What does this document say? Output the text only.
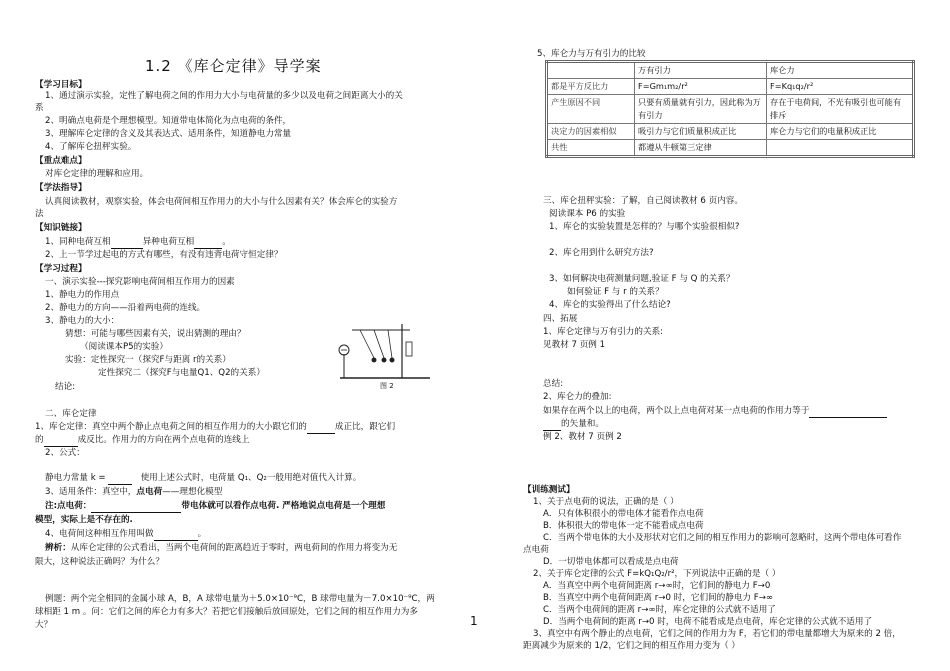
1.2 《库仑定律》导学案
【学习目标】
1、通过演示实验，定性了解电荷之间的作用力大小与电荷量的多少以及电荷之间距离大小的关
系
2、明确点电荷是个理想模型。知道带电体简化为点电荷的条件，
3、理解库仑定律的含义及其表达式、适用条件，知道静电力常量
4、了解库仑扭秤实验。
【重点难点】
对库仑定律的理解和应用。
【学法指导】
认真阅读教材，观察实验，体会电荷间相互作用力的大小与什么因素有关？体会库仑的实验方
法
【知识链接】
1、同种电荷互相	异种电荷互相	。
2、上一节学过起电的方式有哪些，有没有违背电荷守恒定律？
【学习过程】
一、演示实验---探究影响电荷间相互作用力的因素
1、静电力的作用点
2、静电力的方向——沿着两电荷的连线。
3、静电力的大小：
猜想：可能与哪些因素有关，说出猜测的理由？
（阅读课本P5的实验）
实验：定性探究一（探究F与距离 r的关系）
定性探究二（探究F与电量Q1、Q2的关系）
结论:	图 2
二、库仑定律
1、库仑定律：真空中两个静止点电荷之间的相互作用力的大小跟它们的	成正比，跟它们
的	成反比。作用力的方向在两个点电荷的连线上
2、公式：
静电力常量 k =	使用上述公式时，电荷量 Q₁、Q₂一般用绝对值代入计算。
3、适用条件：真空中，点电荷——理想化模型
注:点电荷：	带电体就可以看作点电荷. 严格地说点电荷是一个理想
模型，实际上是不存在的.
4、电荷间这种相互作用叫做	。
辨析：从库仑定律的公式看出，当两个电荷间的距离趋近于零时，两电荷间的作用力将变为无
限大，这种说法正确吗？为什么？
例题：两个完全相同的金属小球 A，B，A 球带电量为＋5.0×10⁻⁹C，B 球带电量为－7.0×10⁻⁹C，两
球相距 1 m 。问：它们之间的库仑力有多大？若把它们接触后放回原处，它们之间的相互作用力为多
大？	1
5、库仑力与万有引力的比较
	万有引力	库仑力
都是平方反比力	F=Gm₁m₂/r²	F=Kq₁q₂/r²
产生原因不同	只要有质量就有引力，因此称为万有引力	存在于电荷间，不光有吸引也可能有排斥
决定力的因素相似	吸引力与它们质量积成正比	库仑力与它们的电量积成正比
共性	都遵从牛顿第三定律	
三、库仑扭秤实验：了解，自己阅读教材 6 页内容。
阅读课本 P6 的实验
1、库仑的实验装置是怎样的？与哪个实验很相似?
2、库仑用到什么研究方法?
3、如何解决电荷测量问题,验证 F 与 Q 的关系？
如何验证 F 与 r 的关系？
4、库仑的实验得出了什么结论?
四、拓展
1、库仑定律与万有引力的关系:
见教材 7 页例 1
总结:
2、库仑力的叠加:
如果存在两个以上的电荷，两个以上点电荷对某一点电荷的作用力等于
的矢量和。
例 2、教材 7 页例 2
【训练测试】
1、关于点电荷的说法，正确的是（ ）
A．只有体积很小的带电体才能看作点电荷
B．体积很大的带电体一定不能看成点电荷
C．当两个带电体的大小及形状对它们之间的相互作用力的影响可忽略时，这两个带电体可看作
点电荷
D．一切带电体都可以看成是点电荷
2、关于库仑定律的公式 F=kQ₁Q₂/r²，下列说法中正确的是（ ）
A．当真空中两个电荷间距离 r→∞时，它们间的静电力 F→0
B．当真空中两个电荷间距离 r→0 时，它们间的静电力 F→∞
C．当两个电荷间的距离 r→∞时，库仑定律的公式就不适用了
D．当两个电荷间的距离 r→0 时，电荷不能看成是点电荷，库仑定律的公式就不适用了
3、真空中有两个静止的点电荷，它们之间的作用力为 F，若它们的带电量都增大为原来的 2 倍，
距离减少为原来的 1/2，它们之间的相互作用力变为（ ）
